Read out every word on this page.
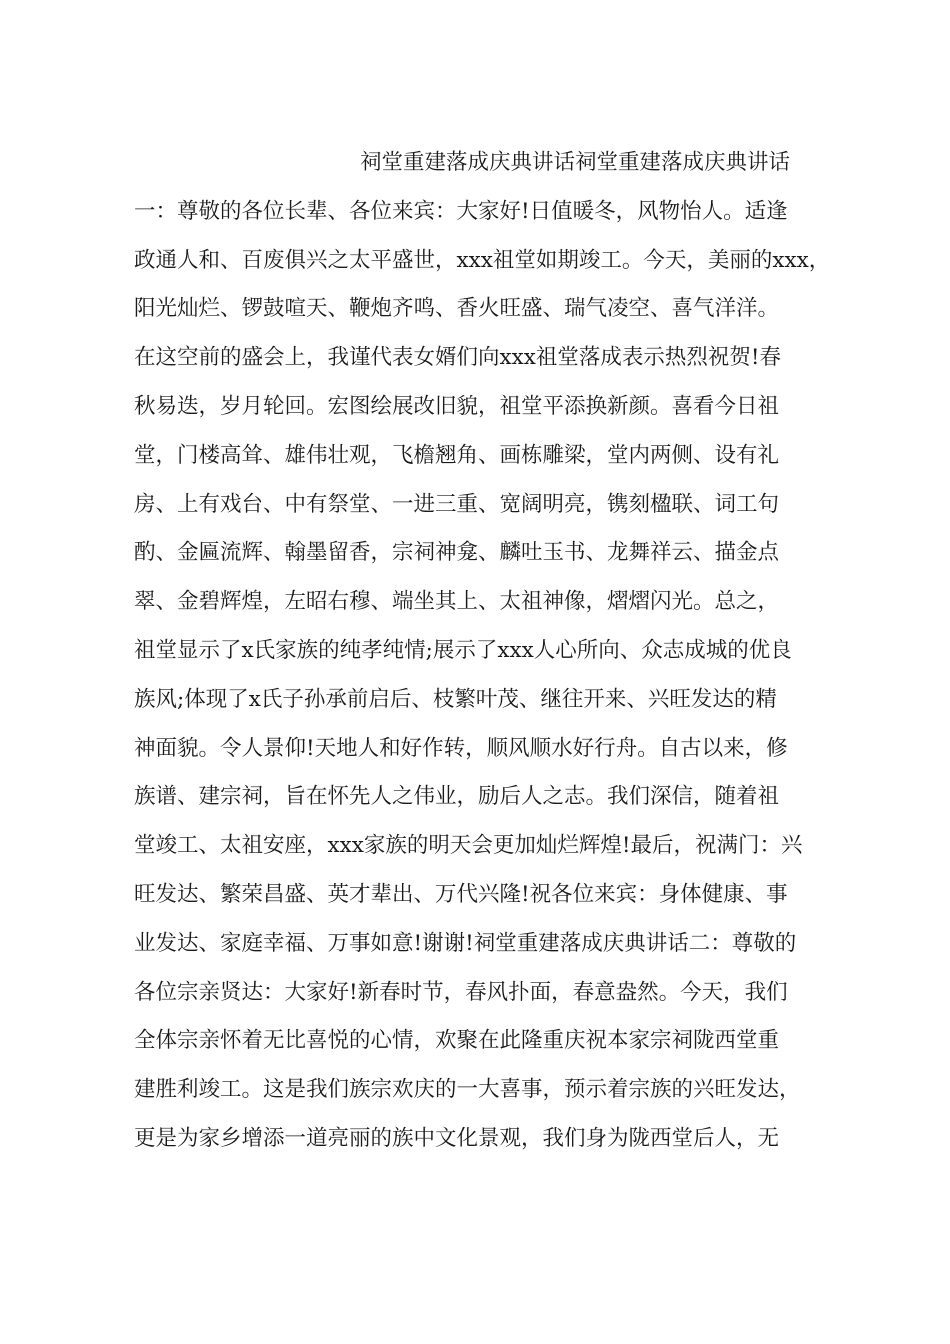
祠堂重建落成庆典讲话祠堂重建落成庆典讲话
一：尊敬的各位长辈、各位来宾：大家好!日值暖冬，风物怡人。适逢
政通人和、百废俱兴之太平盛世，xxx祖堂如期竣工。今天，美丽的xxx，
阳光灿烂、锣鼓喧天、鞭炮齐鸣、香火旺盛、瑞气凌空、喜气洋洋。
在这空前的盛会上，我谨代表女婿们向xxx祖堂落成表示热烈祝贺!春
秋易迭，岁月轮回。宏图绘展改旧貌，祖堂平添换新颜。喜看今日祖
堂，门楼高耸、雄伟壮观，飞檐翘角、画栋雕梁，堂内两侧、设有礼
房、上有戏台、中有祭堂、一进三重、宽阔明亮，镌刻楹联、词工句
酌、金匾流辉、翰墨留香，宗祠神龛、麟吐玉书、龙舞祥云、描金点
翠、金碧辉煌，左昭右穆、端坐其上、太祖神像，熠熠闪光。总之，
祖堂显示了x氏家族的纯孝纯情;展示了xxx人心所向、众志成城的优良
族风;体现了x氏子孙承前启后、枝繁叶茂、继往开来、兴旺发达的精
神面貌。令人景仰!天地人和好作转，顺风顺水好行舟。自古以来，修
族谱、建宗祠，旨在怀先人之伟业，励后人之志。我们深信，随着祖
堂竣工、太祖安座，xxx家族的明天会更加灿烂辉煌!最后，祝满门：兴
旺发达、繁荣昌盛、英才辈出、万代兴隆!祝各位来宾：身体健康、事
业发达、家庭幸福、万事如意!谢谢!祠堂重建落成庆典讲话二：尊敬的
各位宗亲贤达：大家好!新春时节，春风扑面，春意盎然。今天，我们
全体宗亲怀着无比喜悦的心情，欢聚在此隆重庆祝本家宗祠陇西堂重
建胜利竣工。这是我们族宗欢庆的一大喜事，预示着宗族的兴旺发达，
更是为家乡增添一道亮丽的族中文化景观，我们身为陇西堂后人，无
